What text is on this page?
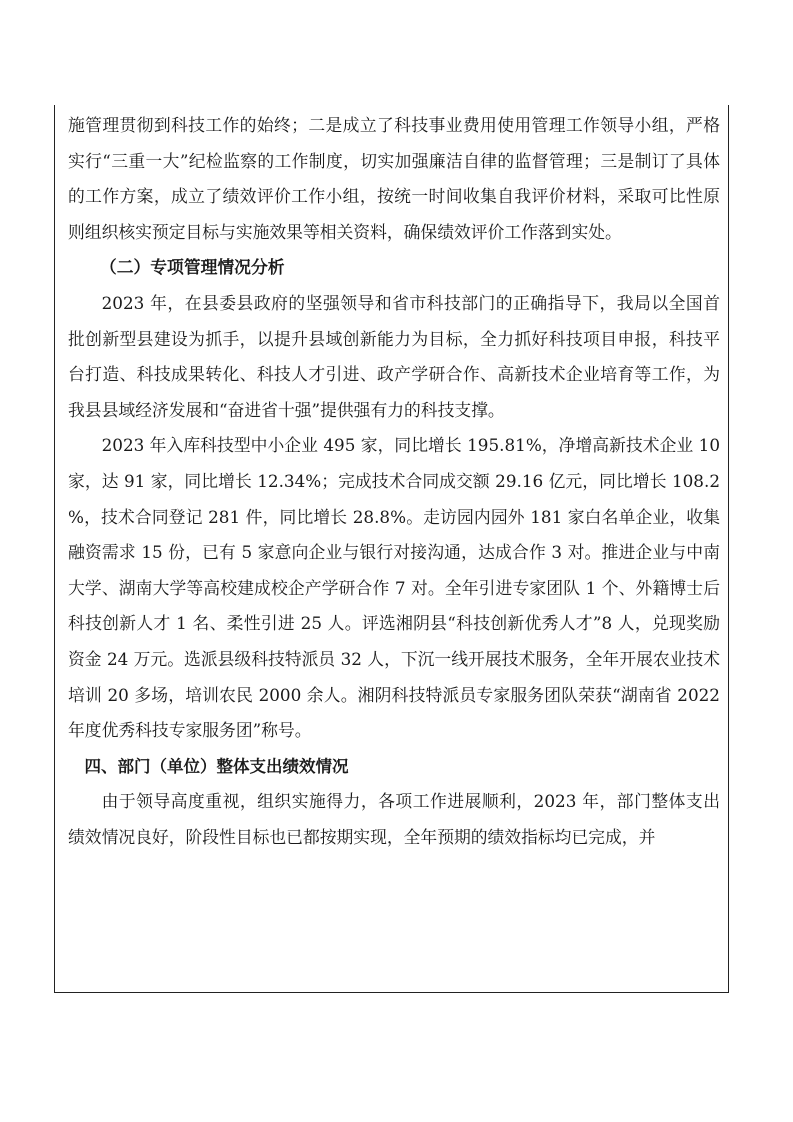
施管理贯彻到科技工作的始终；二是成立了科技事业费用使用管理工作领导小组，严格实行“三重一大”纪检监察的工作制度，切实加强廉洁自律的监督管理；三是制订了具体的工作方案，成立了绩效评价工作小组，按统一时间收集自我评价材料，采取可比性原则组织核实预定目标与实施效果等相关资料，确保绩效评价工作落到实处。

（二）专项管理情况分析

2023 年，在县委县政府的坚强领导和省市科技部门的正确指导下，我局以全国首批创新型县建设为抓手，以提升县域创新能力为目标，全力抓好科技项目申报，科技平台打造、科技成果转化、科技人才引进、政产学研合作、高新技术企业培育等工作，为我县县域经济发展和“奋进省十强”提供强有力的科技支撑。

2023 年入库科技型中小企业 495 家，同比增长 195.81%，净增高新技术企业 10 家，达 91 家，同比增长 12.34%；完成技术合同成交额 29.16 亿元，同比增长 108.2 %，技术合同登记 281 件，同比增长 28.8%。走访园内园外 181 家白名单企业，收集融资需求 15 份，已有 5 家意向企业与银行对接沟通，达成合作 3 对。推进企业与中南大学、湖南大学等高校建成校企产学研合作 7 对。全年引进专家团队 1 个、外籍博士后科技创新人才 1 名、柔性引进 25 人。评选湘阴县“科技创新优秀人才”8 人，兑现奖励资金 24 万元。选派县级科技特派员 32 人，下沉一线开展技术服务，全年开展农业技术培训 20 多场，培训农民 2000 余人。湘阴科技特派员专家服务团队荣获“湖南省 2022 年度优秀科技专家服务团”称号。

四、部门（单位）整体支出绩效情况

由于领导高度重视，组织实施得力，各项工作进展顺利，2023 年，部门整体支出绩效情况良好，阶段性目标也已都按期实现，全年预期的绩效指标均已完成，并
